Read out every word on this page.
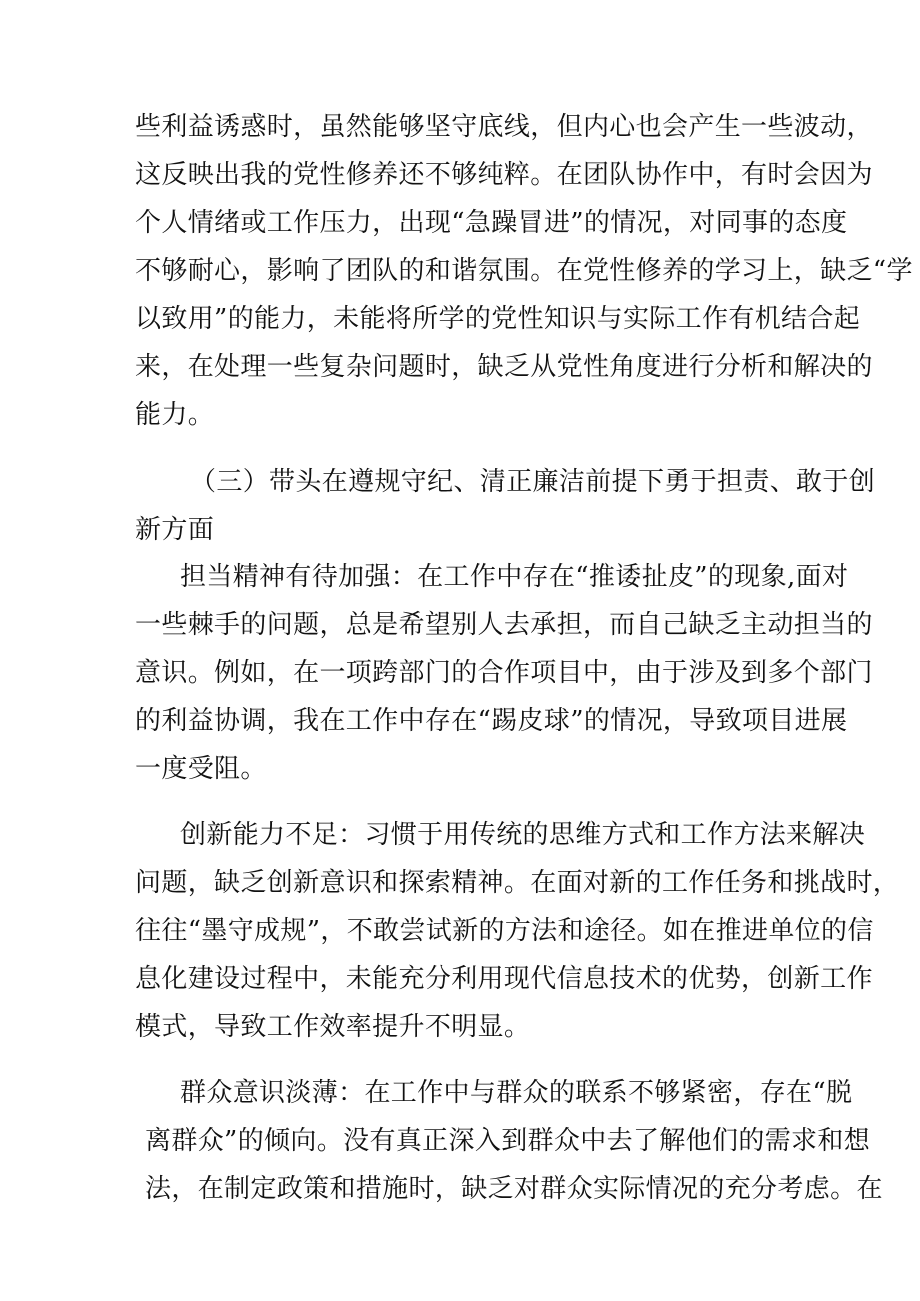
些利益诱惑时，虽然能够坚守底线，但内心也会产生一些波动，
这反映出我的党性修养还不够纯粹。在团队协作中，有时会因为
个人情绪或工作压力，出现“急躁冒进”的情况，对同事的态度
不够耐心，影响了团队的和谐氛围。在党性修养的学习上，缺乏“学
以致用”的能力，未能将所学的党性知识与实际工作有机结合起
来，在处理一些复杂问题时，缺乏从党性角度进行分析和解决的
能力。
（三）带头在遵规守纪、清正廉洁前提下勇于担责、敢于创
新方面
担当精神有待加强：在工作中存在“推诿扯皮”的现象,面对
一些棘手的问题，总是希望别人去承担，而自己缺乏主动担当的
意识。例如，在一项跨部门的合作项目中，由于涉及到多个部门
的利益协调，我在工作中存在“踢皮球”的情况，导致项目进展
一度受阻。
创新能力不足：习惯于用传统的思维方式和工作方法来解决
问题，缺乏创新意识和探索精神。在面对新的工作任务和挑战时，
往往“墨守成规”，不敢尝试新的方法和途径。如在推进单位的信
息化建设过程中，未能充分利用现代信息技术的优势，创新工作
模式，导致工作效率提升不明显。
群众意识淡薄：在工作中与群众的联系不够紧密，存在“脱
离群众”的倾向。没有真正深入到群众中去了解他们的需求和想
法，在制定政策和措施时，缺乏对群众实际情况的充分考虑。在
